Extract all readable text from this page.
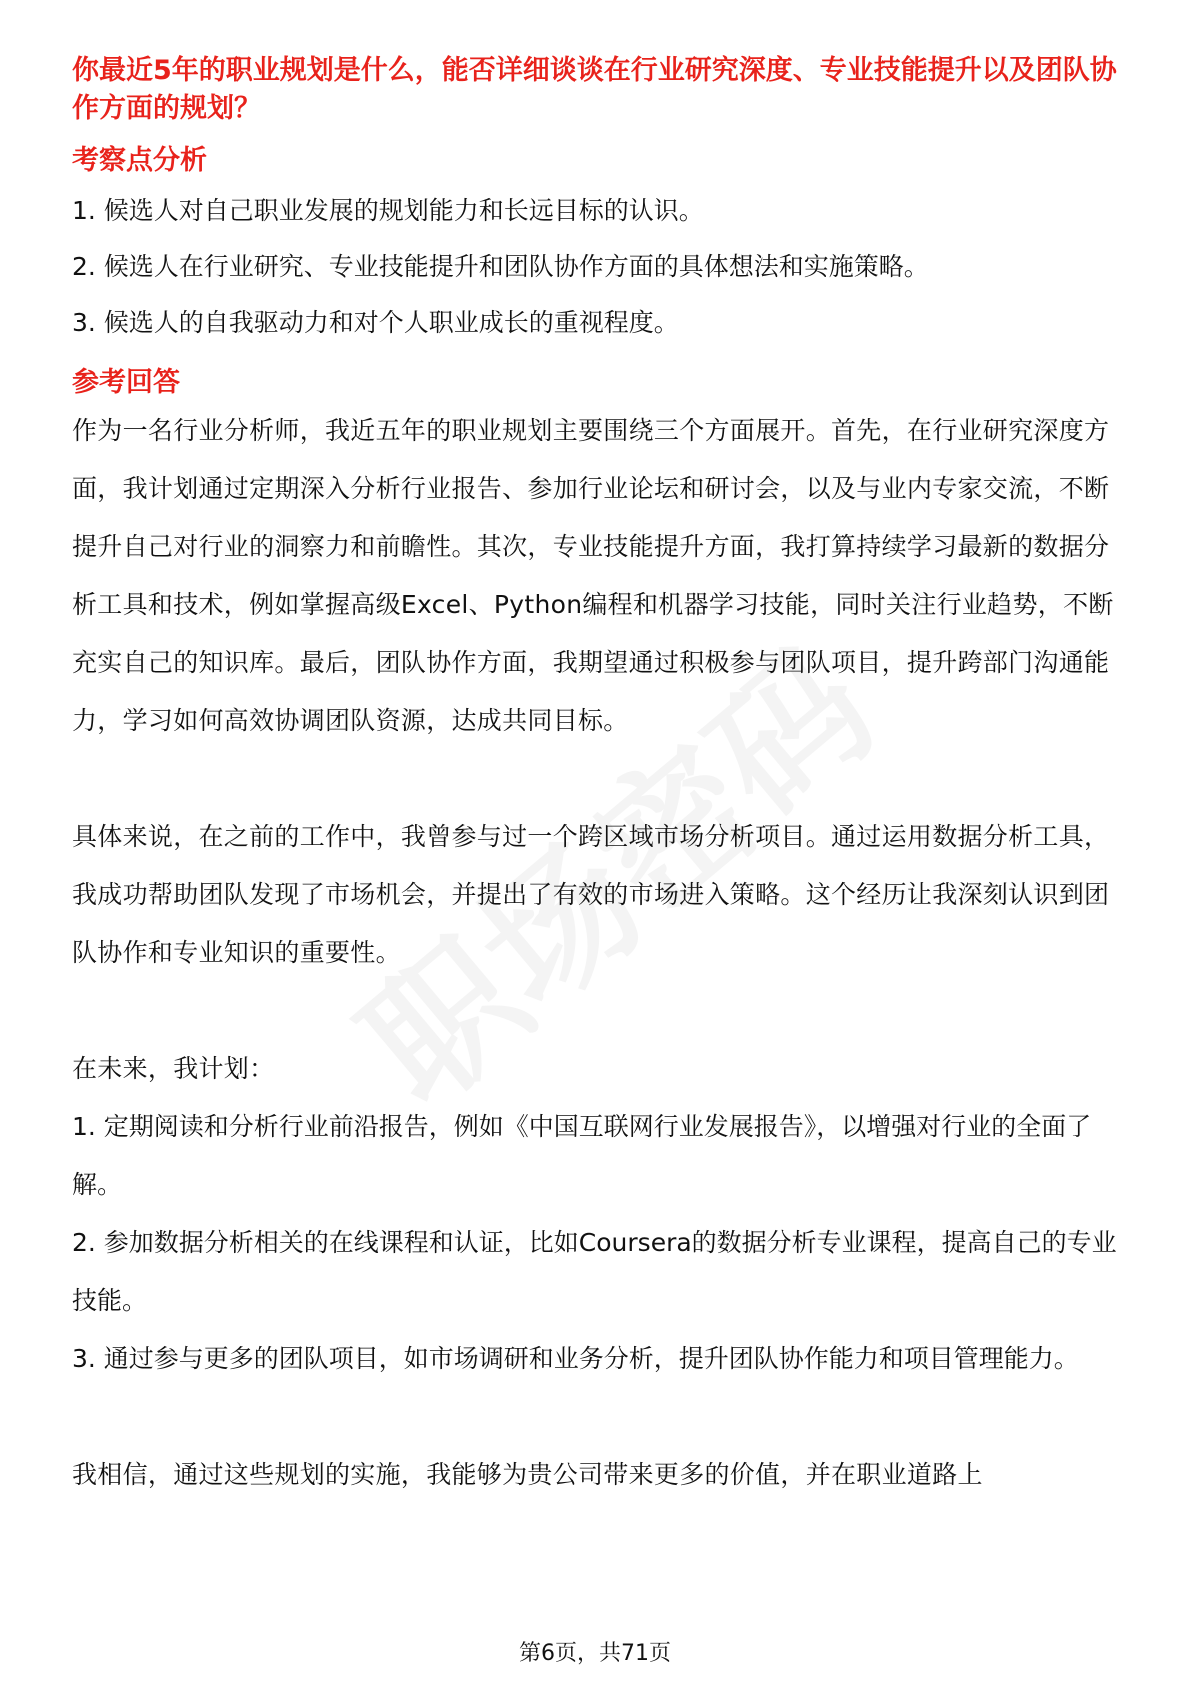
你最近5年的职业规划是什么，能否详细谈谈在行业研究深度、专业技能提升以及团队协作方面的规划？

考察点分析

1. 候选人对自己职业发展的规划能力和长远目标的认识。

2. 候选人在行业研究、专业技能提升和团队协作方面的具体想法和实施策略。

3. 候选人的自我驱动力和对个人职业成长的重视程度。

参考回答

作为一名行业分析师，我近五年的职业规划主要围绕三个方面展开。首先，在行业研究深度方面，我计划通过定期深入分析行业报告、参加行业论坛和研讨会，以及与业内专家交流，不断提升自己对行业的洞察力和前瞻性。其次，专业技能提升方面，我打算持续学习最新的数据分析工具和技术，例如掌握高级Excel、Python编程和机器学习技能，同时关注行业趋势，不断充实自己的知识库。最后，团队协作方面，我期望通过积极参与团队项目，提升跨部门沟通能力，学习如何高效协调团队资源，达成共同目标。

具体来说，在之前的工作中，我曾参与过一个跨区域市场分析项目。通过运用数据分析工具，我成功帮助团队发现了市场机会，并提出了有效的市场进入策略。这个经历让我深刻认识到团队协作和专业知识的重要性。

在未来，我计划：

1. 定期阅读和分析行业前沿报告，例如《中国互联网行业发展报告》，以增强对行业的全面了解。

2. 参加数据分析相关的在线课程和认证，比如Coursera的数据分析专业课程，提高自己的专业技能。

3. 通过参与更多的团队项目，如市场调研和业务分析，提升团队协作能力和项目管理能力。

我相信，通过这些规划的实施，我能够为贵公司带来更多的价值，并在职业道路上

第6页，共71页
